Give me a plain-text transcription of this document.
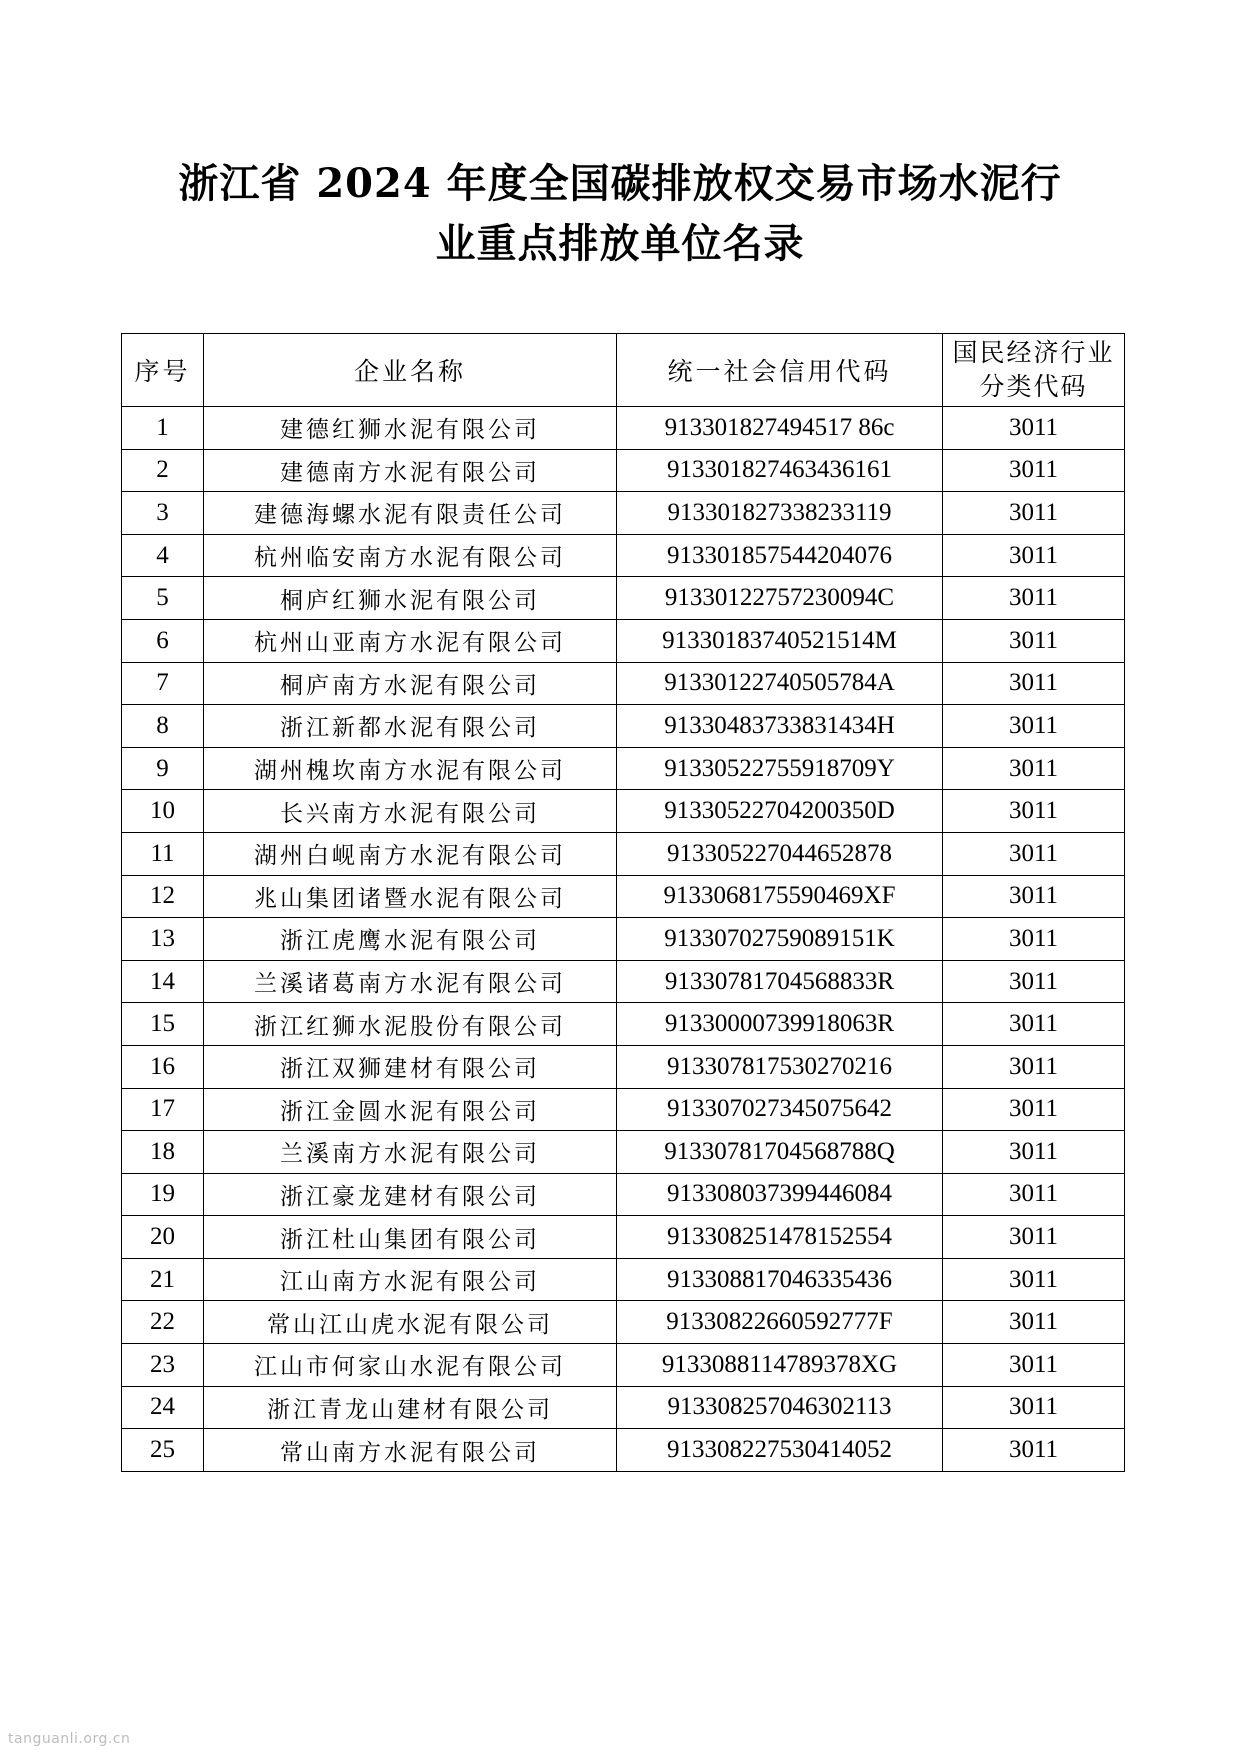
浙江省 2024 年度全国碳排放权交易市场水泥行
业重点排放单位名录
序号	企业名称	统一社会信用代码	国民经济行业分类代码
1	建德红狮水泥有限公司	913301827494517 86c	3011
2	建德南方水泥有限公司	913301827463436161	3011
3	建德海螺水泥有限责任公司	913301827338233119	3011
4	杭州临安南方水泥有限公司	913301857544204076	3011
5	桐庐红狮水泥有限公司	91330122757230094C	3011
6	杭州山亚南方水泥有限公司	91330183740521514M	3011
7	桐庐南方水泥有限公司	91330122740505784A	3011
8	浙江新都水泥有限公司	91330483733831434H	3011
9	湖州槐坎南方水泥有限公司	91330522755918709Y	3011
10	长兴南方水泥有限公司	91330522704200350D	3011
11	湖州白岘南方水泥有限公司	913305227044652878	3011
12	兆山集团诸暨水泥有限公司	9133068175590469XF	3011
13	浙江虎鹰水泥有限公司	91330702759089151K	3011
14	兰溪诸葛南方水泥有限公司	91330781704568833R	3011
15	浙江红狮水泥股份有限公司	91330000739918063R	3011
16	浙江双狮建材有限公司	913307817530270216	3011
17	浙江金圆水泥有限公司	913307027345075642	3011
18	兰溪南方水泥有限公司	91330781704568788Q	3011
19	浙江豪龙建材有限公司	913308037399446084	3011
20	浙江杜山集团有限公司	913308251478152554	3011
21	江山南方水泥有限公司	913308817046335436	3011
22	常山江山虎水泥有限公司	91330822660592777F	3011
23	江山市何家山水泥有限公司	9133088114789378XG	3011
24	浙江青龙山建材有限公司	913308257046302113	3011
25	常山南方水泥有限公司	913308227530414052	3011
tanguanli.org.cn
